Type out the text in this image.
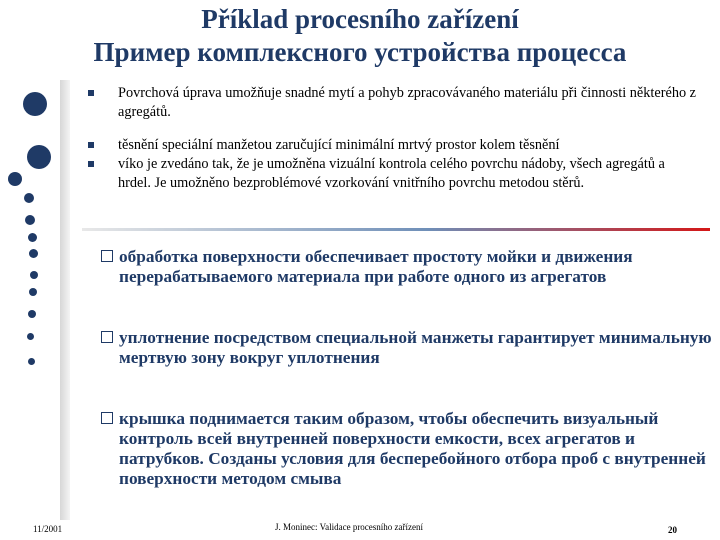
Příklad procesního zařízení
Пример комплексного устройства процесса
Povrchová úprava umožňuje snadné mytí a pohyb zpracovávaného materiálu při činnosti některého z agregátů.
těsnění speciální manžetou zaručující minimální mrtvý prostor kolem těsnění
víko je zvedáno tak, že je umožněna vizuální kontrola celého povrchu nádoby, všech agregátů a hrdel. Je umožněno bezproblémové vzorkování vnitřního povrchu metodou stěrů.
обработка поверхности обеспечивает простоту мойки и движения перерабатываемого материала при работе одного из агрегатов
уплотнение посредством специальной манжеты гарантирует минимальную мертвую зону вокруг уплотнения
крышка поднимается таким образом, чтобы обеспечить визуальный контроль всей внутренней поверхности емкости, всех агрегатов и патрубков. Созданы условия для бесперебойного отбора проб с внутренней поверхности методом смыва
11/2001	J. Moninec: Validace procesního zařízení	20
